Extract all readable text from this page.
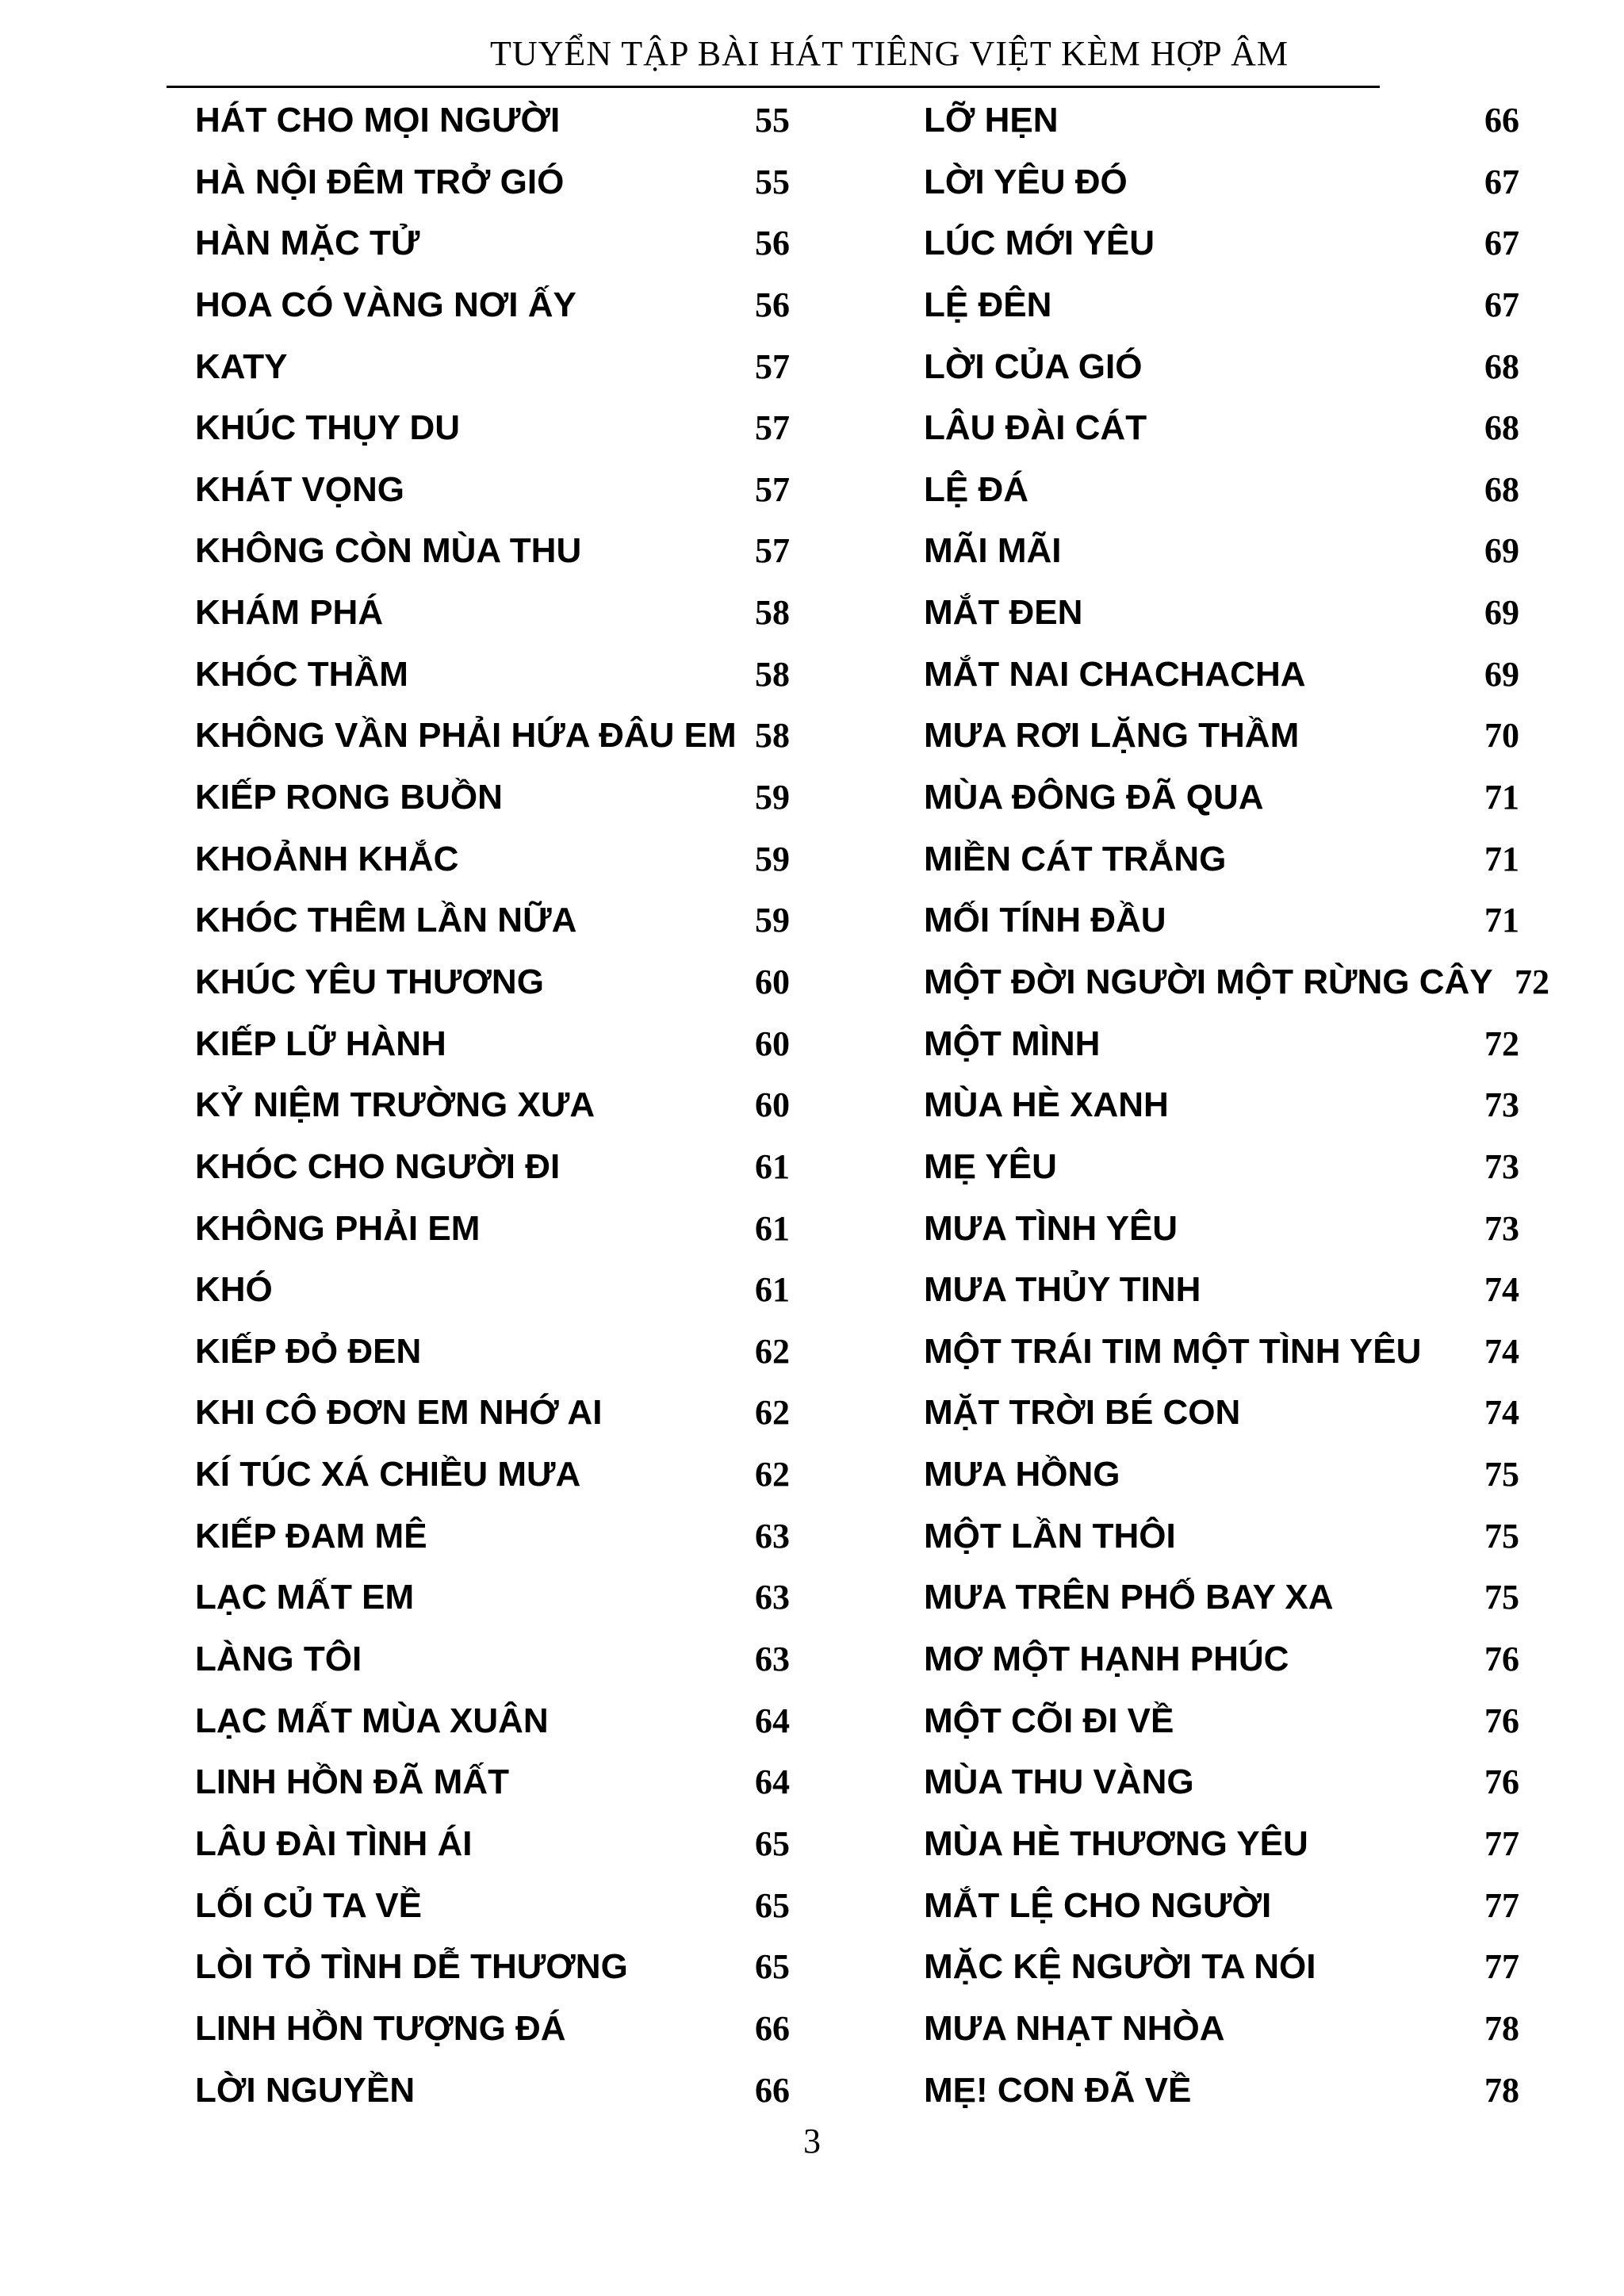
TUYỂN TẬP BÀI HÁT TIÊNG VIỆT KÈM HỢP ÂM
HÁT CHO MỌI NGƯỜI	55
HÀ NỘI ĐÊM TRỞ GIÓ	55
HÀN MẶC TỬ	56
HOA CÓ VÀNG NƠI ẤY	56
KATY	57
KHÚC THỤY DU	57
KHÁT VỌNG	57
KHÔNG CÒN MÙA THU	57
KHÁM PHÁ	58
KHÓC THẦM	58
KHÔNG VẦN PHẢI HỨA ĐÂU EM 58
KIẾP RONG BUỒN	59
KHOẢNH KHẮC	59
KHÓC THÊM LẦN NỮA	59
KHÚC YÊU THƯƠNG	60
KIẾP LỮ HÀNH	60
KỶ NIỆM TRƯỜNG XƯA	60
KHÓC CHO NGƯỜI ĐI	61
KHÔNG PHẢI EM	61
KHÓ	61
KIẾP ĐỎ ĐEN	62
KHI CÔ ĐƠN EM NHỚ AI	62
KÍ TÚC XÁ CHIỀU MƯA	62
KIẾP ĐAM MÊ	63
LẠC MẤT EM	63
LÀNG TÔI	63
LẠC MẤT MÙA XUÂN	64
LINH HỒN ĐÃ MẤT	64
LÂU ĐÀI TÌNH ÁI	65
LỐI CỦ TA VỀ	65
LÒI TỎ TÌNH DỄ THƯƠNG	65
LINH HỒN TƯỢNG ĐÁ	66
LỜI NGUYỀN	66
LỠ HẸN	66
LỜI YÊU ĐÓ	67
LÚC MỚI YÊU	67
LỆ ĐÊN	67
LỜI CỦA GIÓ	68
LÂU ĐÀI CÁT	68
LỆ ĐÁ	68
MÃI MÃI	69
MẮT ĐEN	69
MẮT NAI CHACHACHA	69
MƯA RƠI LẶNG THẦM	70
MÙA ĐÔNG ĐÃ QUA	71
MIỀN CÁT TRẮNG	71
MỐI TÍNH ĐẦU	71
MỘT ĐỜI NGƯỜI MỘT RỪNG CÂY 72
MỘT MÌNH	72
MÙA HÈ XANH	73
MẸ YÊU	73
MƯA TÌNH YÊU	73
MƯA THỦY TINH	74
MỘT TRÁI TIM MỘT TÌNH YÊU 74
MẶT TRỜI BÉ CON	74
MƯA HỒNG	75
MỘT LẦN THÔI	75
MƯA TRÊN PHỐ BAY XA	75
MƠ MỘT HẠNH PHÚC	76
MỘT CÕI ĐI VỀ	76
MÙA THU VÀNG	76
MÙA HÈ THƯƠNG YÊU	77
MẮT LỆ CHO NGƯỜI	77
MẶC KỆ NGƯỜI TA NÓI	77
MƯA NHẠT NHÒA	78
MẸ! CON ĐÃ VỀ	78
3
